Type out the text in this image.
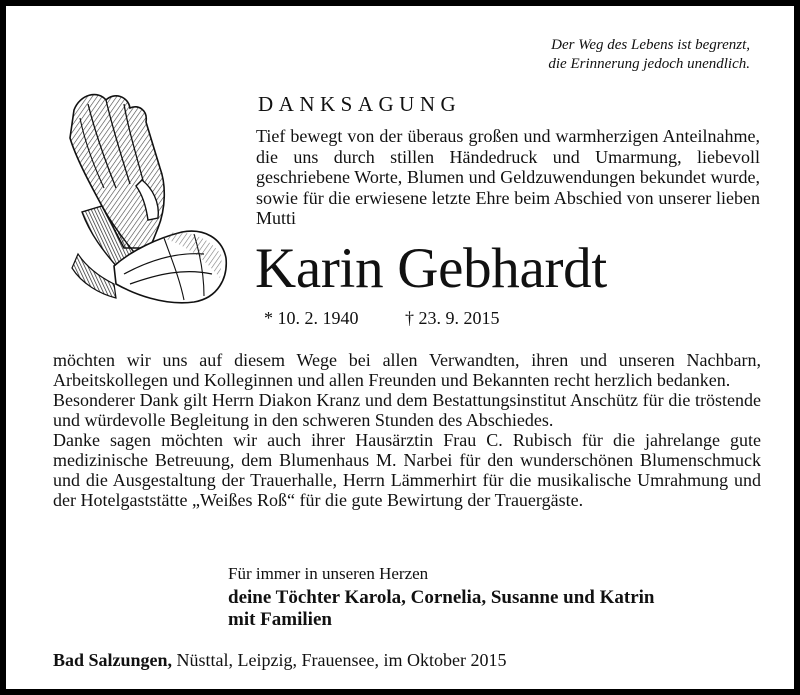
Der Weg des Lebens ist begrenzt,
die Erinnerung jedoch unendlich.
DANKSAGUNG

Tief bewegt von der überaus großen und warmherzigen Anteilnahme, die uns durch stillen Händedruck und Umarmung, liebevoll geschriebene Worte, Blumen und Geldzuwendungen bekundet wurde, sowie für die erwiesene letzte Ehre beim Abschied von unserer lieben Mutti

Karin Gebhardt
* 10. 2. 1940	† 23. 9. 2015

möchten wir uns auf diesem Wege bei allen Verwandten, ihren und unseren Nachbarn, Arbeitskollegen und Kolleginnen und allen Freunden und Bekannten recht herzlich bedanken.

Besonderer Dank gilt Herrn Diakon Kranz und dem Bestattungsinstitut Anschütz für die tröstende und würdevolle Begleitung in den schweren Stunden des Abschiedes.

Danke sagen möchten wir auch ihrer Hausärztin Frau C. Rubisch für die jahrelange gute medizinische Betreuung, dem Blumenhaus M. Narbei für den wunderschönen Blumenschmuck und die Ausgestaltung der Trauerhalle, Herrn Lämmerhirt für die musikalische Umrahmung und der Hotelgaststätte „Weißes Roß“ für die gute Bewirtung der Trauergäste.

Für immer in unseren Herzen

deine Töchter Karola, Cornelia, Susanne und Katrin
mit Familien

Bad Salzungen, Nüsttal, Leipzig, Frauensee, im Oktober 2015
